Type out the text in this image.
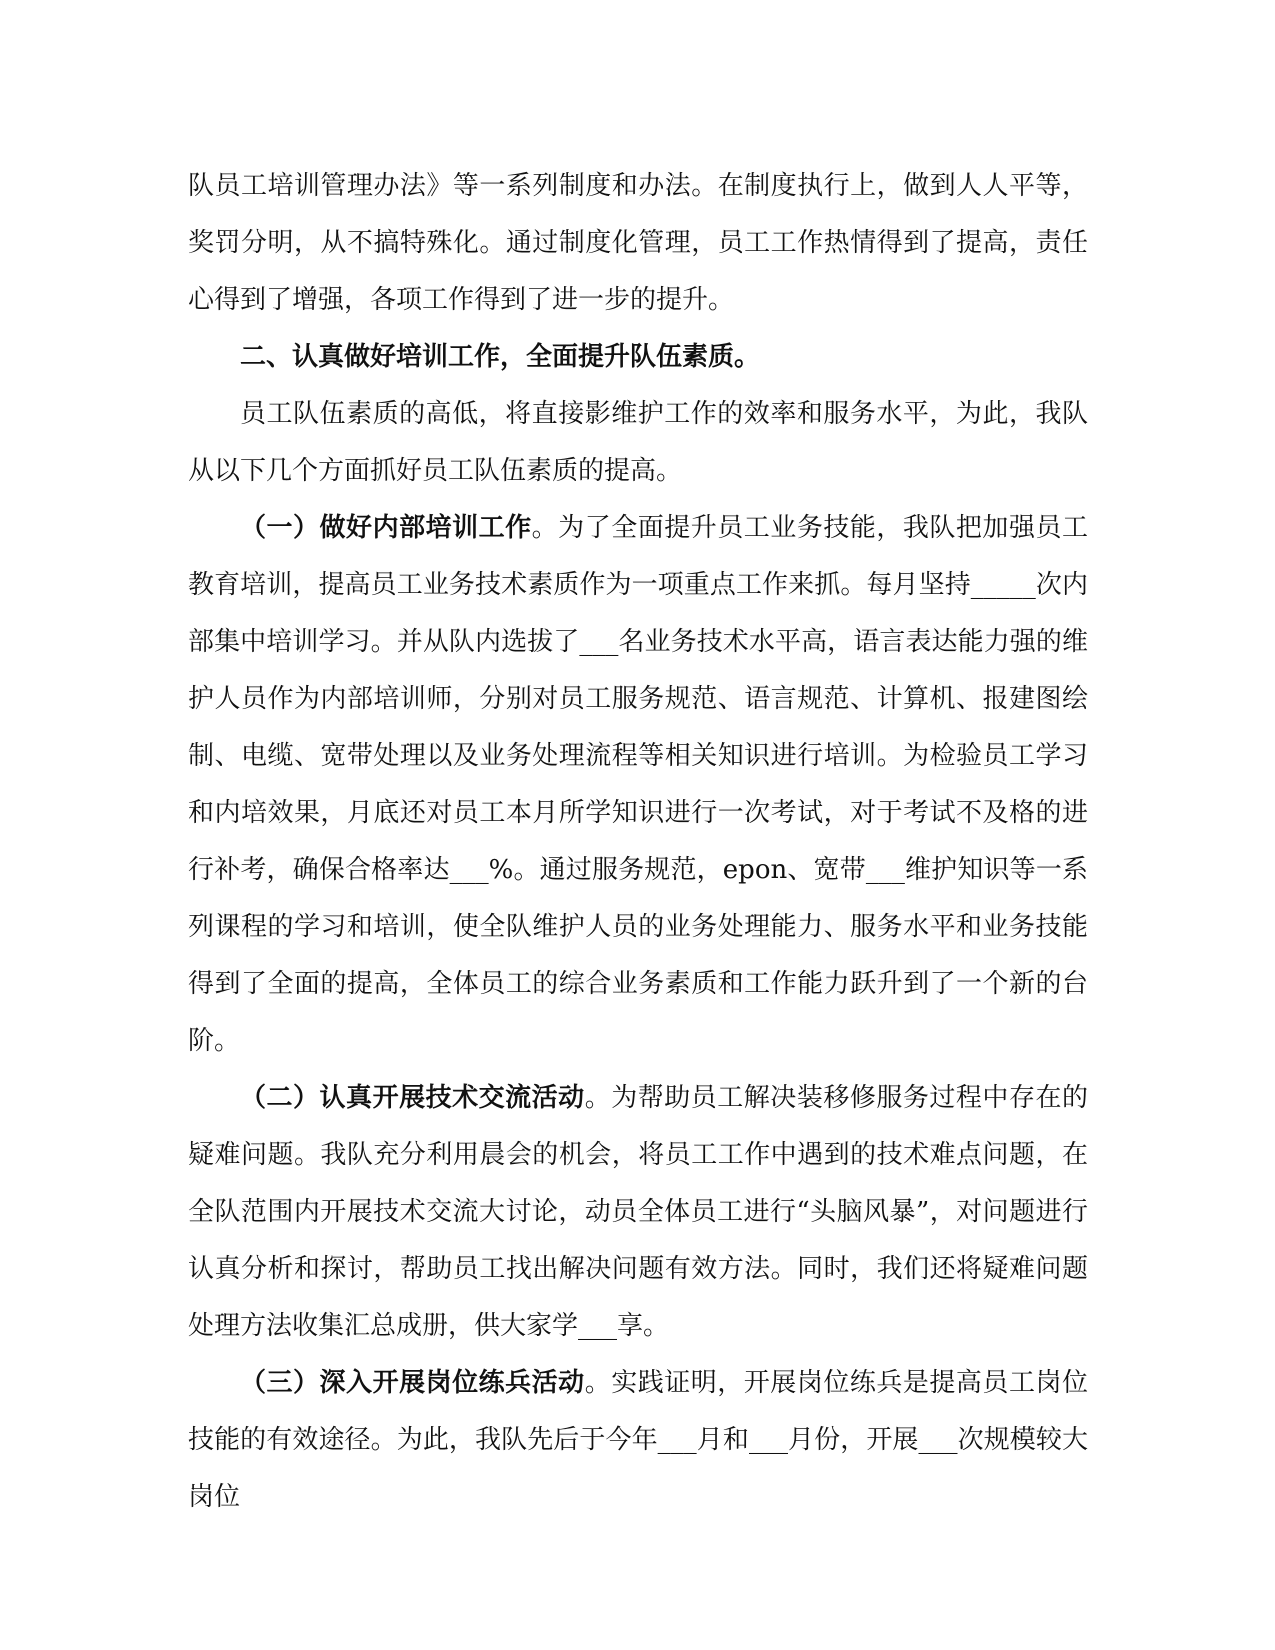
队员工培训管理办法》等一系列制度和办法。在制度执行上，做到人人平等，奖罚分明，从不搞特殊化。通过制度化管理，员工工作热情得到了提高，责任心得到了增强，各项工作得到了进一步的提升。

二、认真做好培训工作，全面提升队伍素质。

员工队伍素质的高低，将直接影维护工作的效率和服务水平，为此，我队从以下几个方面抓好员工队伍素质的提高。

（一）做好内部培训工作。为了全面提升员工业务技能，我队把加强员工教育培训，提高员工业务技术素质作为一项重点工作来抓。每月坚持_____次内部集中培训学习。并从队内选拔了___名业务技术水平高，语言表达能力强的维护人员作为内部培训师，分别对员工服务规范、语言规范、计算机、报建图绘制、电缆、宽带处理以及业务处理流程等相关知识进行培训。为检验员工学习和内培效果，月底还对员工本月所学知识进行一次考试，对于考试不及格的进行补考，确保合格率达___%。通过服务规范，epon、宽带___维护知识等一系列课程的学习和培训，使全队维护人员的业务处理能力、服务水平和业务技能得到了全面的提高，全体员工的综合业务素质和工作能力跃升到了一个新的台阶。

（二）认真开展技术交流活动。为帮助员工解决装移修服务过程中存在的疑难问题。我队充分利用晨会的机会，将员工工作中遇到的技术难点问题，在全队范围内开展技术交流大讨论，动员全体员工进行“头脑风暴”，对问题进行认真分析和探讨，帮助员工找出解决问题有效方法。同时，我们还将疑难问题处理方法收集汇总成册，供大家学___享。

（三）深入开展岗位练兵活动。实践证明，开展岗位练兵是提高员工岗位技能的有效途径。为此，我队先后于今年___月和___月份，开展___次规模较大岗位
